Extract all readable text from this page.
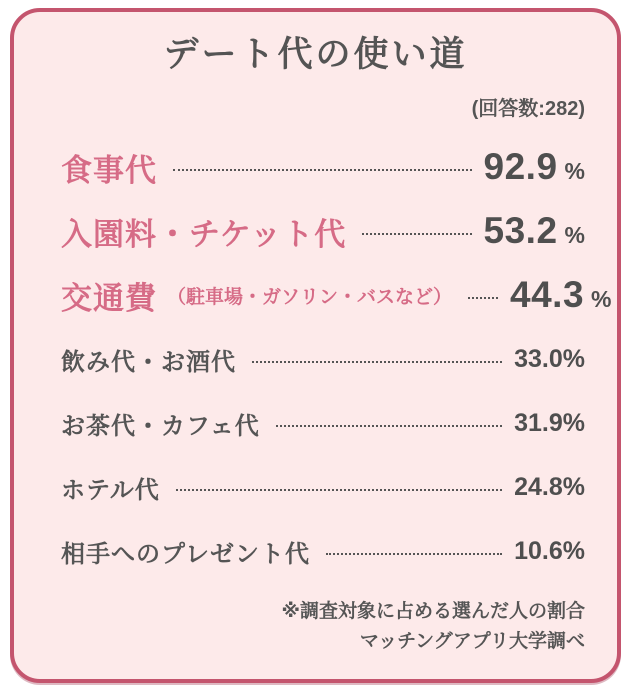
デート代の使い道
(回答数:282)
食事代	92.9 %
入園料・チケット代	53.2 %
交通費 （駐車場・ガソリン・バスなど） 44.3 %
飲み代・お酒代	33.0%
お茶代・カフェ代	31.9%
ホテル代	24.8%
相手へのプレゼント代	10.6%
※調査対象に占める選んだ人の割合
マッチングアプリ大学調べ
